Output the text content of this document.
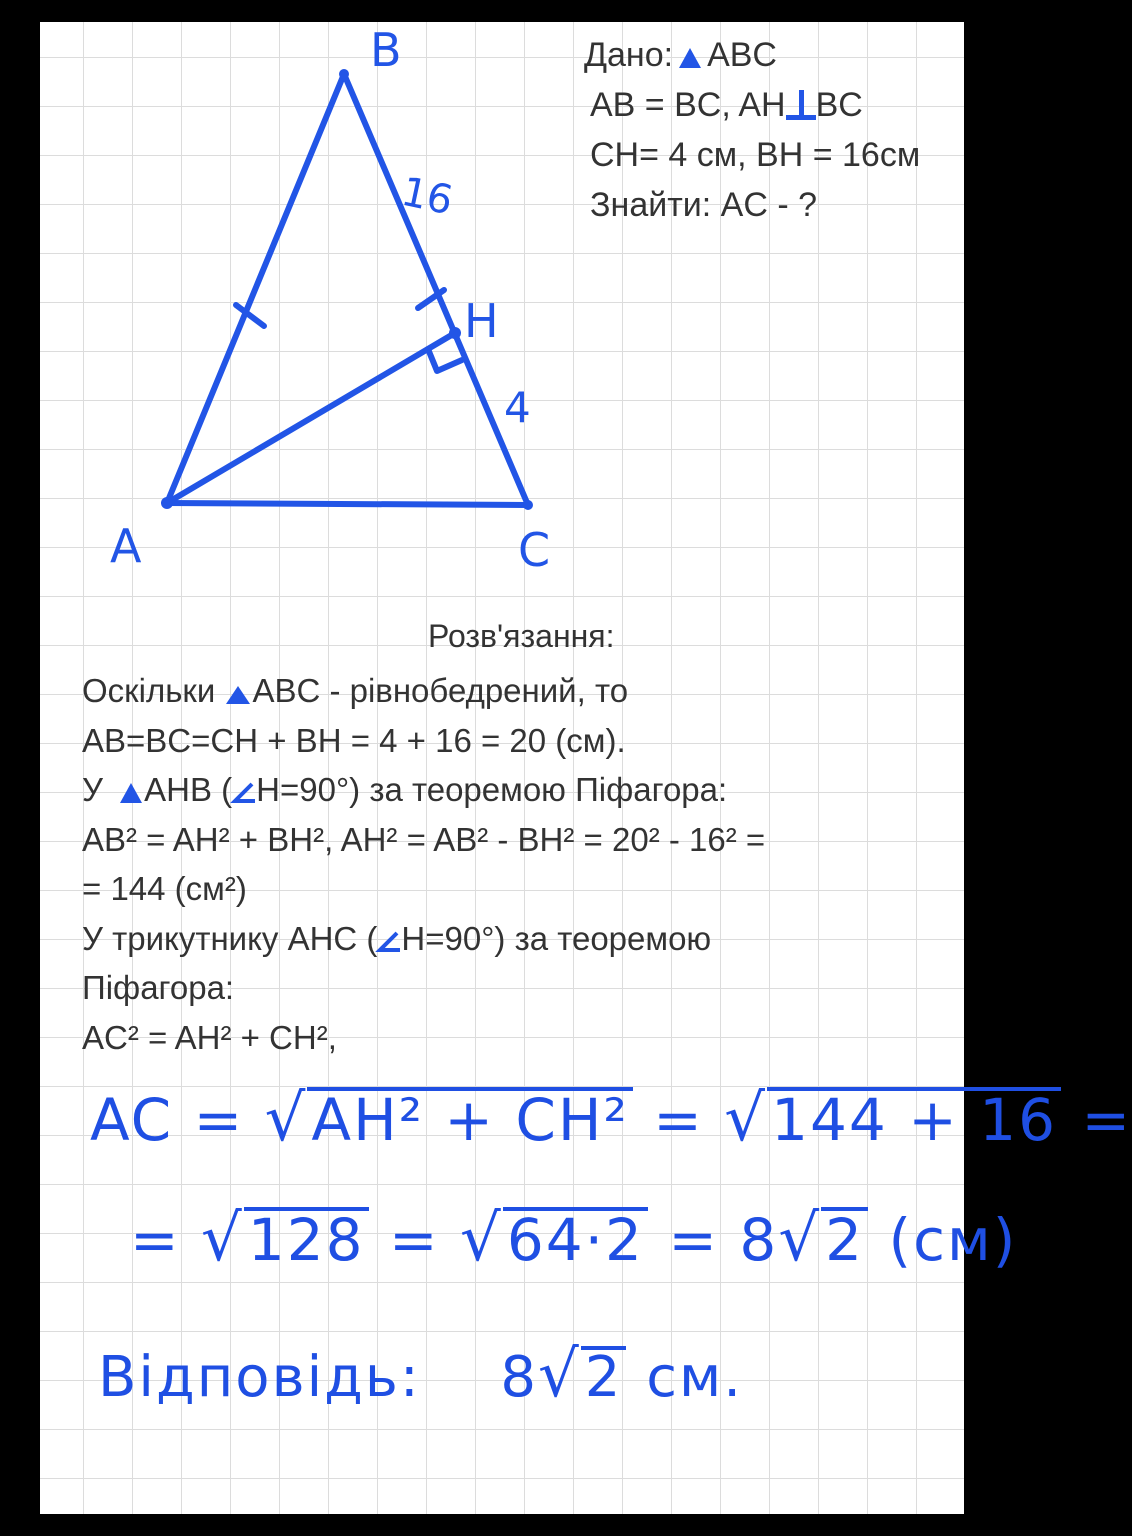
B
H
A	C
16
4
Дано: ABC
AB = BC, AH BC
CH= 4 см, BH = 16см
Знайти: AC - ?
Розв'язання:
Оскільки ABC - рівнобедрений, то
AB=BC=CH + BH = 4 + 16 = 20 (см).
У AHB ( H=90°) за теоремою Піфагора:
AB² = AH² + BH², AH² = AB² - BH² = 20² - 16² =
= 144 (см²)
У трикутнику AHC ( H=90°) за теоремою
Піфагора:
AC² = AH² + CH²,
AC = √AH² + CH² = √144 + 16 =
= √128 = √64·2 = 8√2 (см)
Відповідь: 8√2 см.
